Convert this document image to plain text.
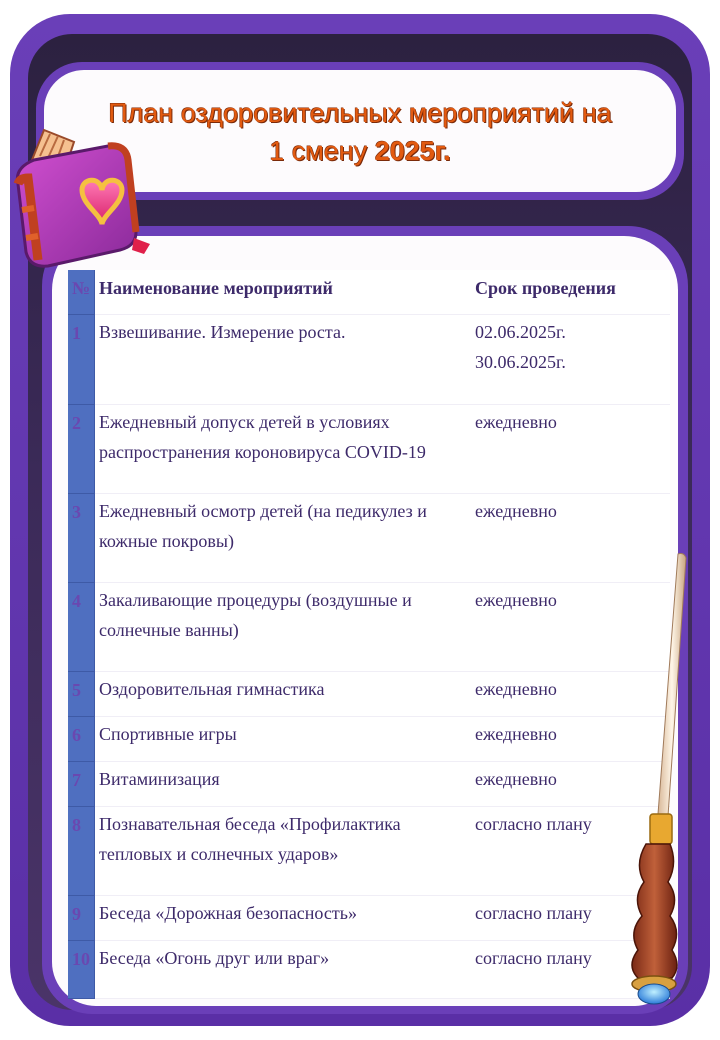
План оздоровительных мероприятий на
1 смену 2025г.
№	Наименование мероприятий	Срок проведения
1	Взвешивание. Измерение роста.	02.06.2025г. 30.06.2025г.

2	Ежедневный допуск детей в условиях распространения короновируса COVID-19	ежедневно
3	Ежедневный осмотр детей (на педикулез и кожные покровы)	ежедневно
4	Закаливающие процедуры (воздушные и солнечные ванны)	ежедневно
5	Оздоровительная гимнастика	ежедневно
6	Спортивные игры	ежедневно
7	Витаминизация	ежедневно
8	Познавательная беседа «Профилактика тепловых и солнечных ударов»	согласно плану
9	Беседа «Дорожная безопасность»	согласно плану
10	Беседа «Огонь друг или враг»	согласно плану
